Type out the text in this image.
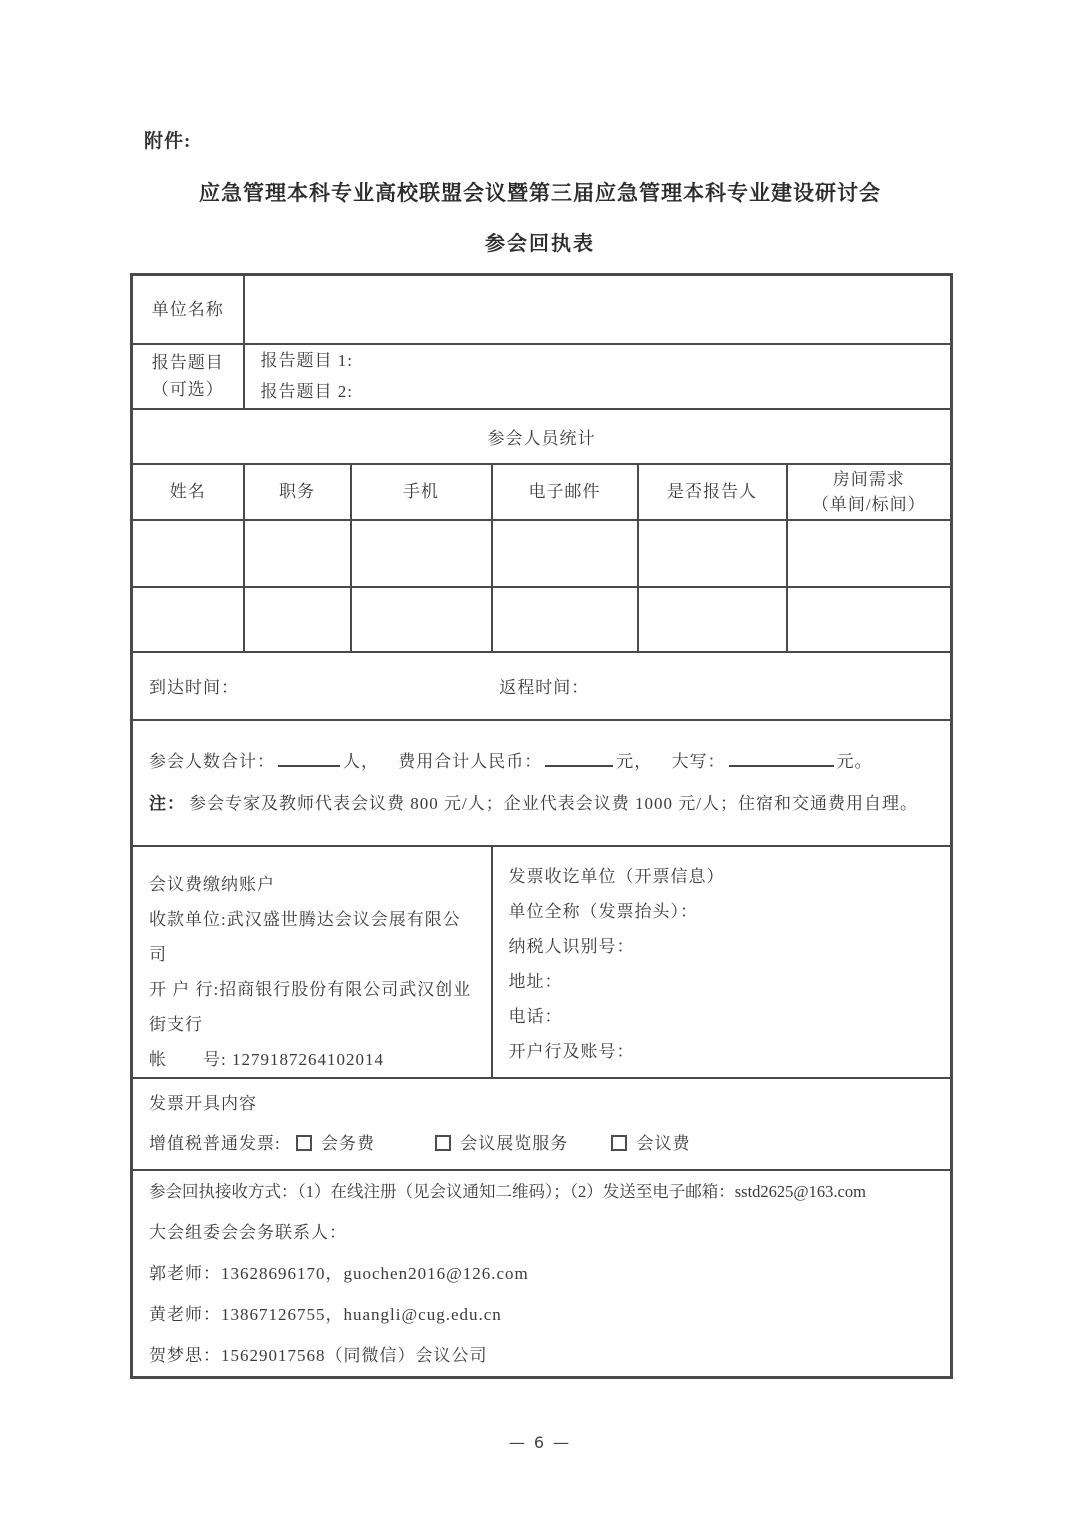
附件:
应急管理本科专业高校联盟会议暨第三届应急管理本科专业建设研讨会
参会回执表
单位名称					

报告题目
（可选）

报告题目 1:
报告题目 2:

参会人员统计					
姓名	职务	手机	电子邮件	是否报告人	房间需求
（单间/标间）

到达时间： 返程时间：					

参会人数合计： 人， 费用合计人民币： 元， 大写： 元。
注： 参会专家及教师代表会议费 800 元/人；企业代表会议费 1000 元/人；住宿和交通费用自理。					

会议费缴纳账户
收款单位:武汉盛世腾达会议会展有限公司
开 户 行:招商银行股份有限公司武汉创业街支行
帐　　号: 1279187264102014

发票收讫单位（开票信息）
单位全称（发票抬头）：
纳税人识别号：
地址：
电话：
开户行及账号：

发票开具内容
增值税普通发票: 会务费 会议展览服务 会议费					

参会回执接收方式：（1）在线注册（见会议通知二维码）；（2）发送至电子邮箱：sstd2625@163.com
大会组委会会务联系人：
郭老师：13628696170，guochen2016@126.com
黄老师：13867126755，huangli@cug.edu.cn
贺梦思：15629017568（同微信）会议公司					
— 6 —
